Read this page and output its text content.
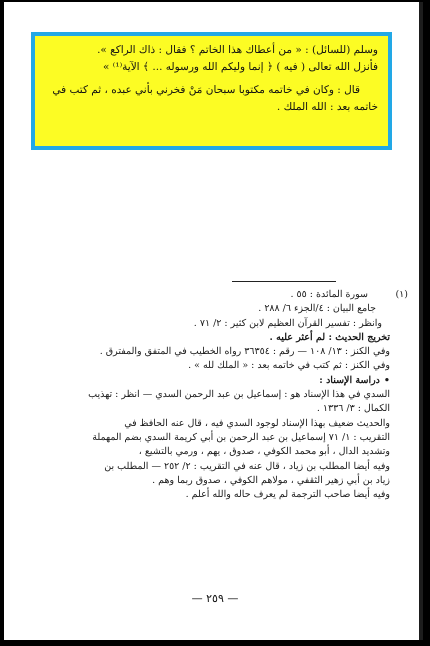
وسلم (للسائل) : « من أعطاك هذا الخاتم ؟ فقال : ذاك الراكع ».

فأنزل الله تعالى ( فيه ) ﴿ إنما وليكم الله ورسوله ... ﴾ الآية⁽¹⁾ »

قال : وكان في خاتمه مكتوبا سبحان مَنْ فخرني بأني عبده ، ثم كتب في

خاتمه بعد : الله الملك .

(١)
سورة المائدة : ٥٥ .
جامع البيان : ٤/الجزء ٦/ ٢٨٨ .
وانظر : تفسير القرآن العظيم لابن كثير : ٢/ ٧١ .
تخريج الحديث : لم أعثر عليه .
وفي الكنز : ١٣/ ١٠٨ — رقم : ٣٦٣٥٤ رواه الخطيب في المتفق والمفترق .
وفي الكنز : ثم كتب في خاتمه بعد : « الملك لله » .
•دراسة الإسناد :
السدي في هذا الإسناد هو : إسماعيل بن عبد الرحمن السدي — انظر : تهذيب
الكمال : ٣/ ١٣٣٦ .
والحديث ضعيف بهذا الإسناد لوجود السدي فيه ، قال عنه الحافظ في
التقريب : ١/ ٧١ إسماعيل بن عبد الرحمن بن أبي كريمة السدي بضم المهملة
وتشديد الدال ، أبو محمد الكوفي ، صدوق ، يهم ، ورمي بالتشيع ،
وفيه أيضا المطلب بن زياد ، قال عنه في التقريب : ٢/ ٢٥٢ — المطلب بن
زياد بن أبي زهير الثقفي ، مولاهم الكوفي ، صدوق ربما وهم .
وفيه أيضا صاحب الترجمة لم يعرف حاله والله أعلم .
— ٢٥٩ —
